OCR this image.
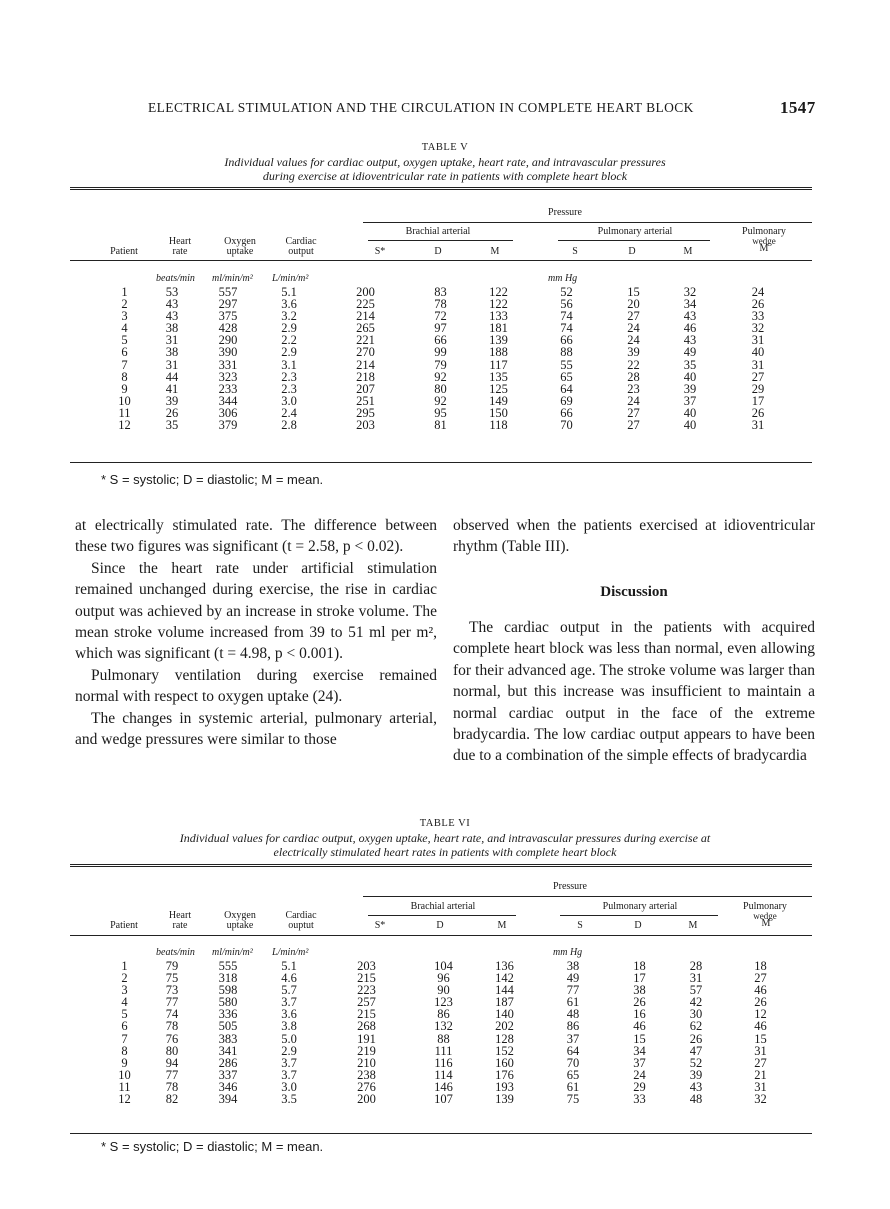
ELECTRICAL STIMULATION AND THE CIRCULATION IN COMPLETE HEART BLOCK	1547
TABLE V
Individual values for cardiac output, oxygen uptake, heart rate, and intravascular pressures
during exercise at idioventricular rate in patients with complete heart block
Pressure
Brachial arterial	Pulmonary arterial	Pulmonary
wedge
Heart
rate
Oxygen
uptake
Cardiac
output
Patient	S*	D	M	S	D	M	M
beats/min ml/min/m² L/min/m²	mm Hg
1	53	557	5.1	200	83	122	52	15	32	24
2	43	297	3.6	225	78	122	56	20	34	26
3	43	375	3.2	214	72	133	74	27	43	33
4	38	428	2.9	265	97	181	74	24	46	32
5	31	290	2.2	221	66	139	66	24	43	31
6	38	390	2.9	270	99	188	88	39	49	40
7	31	331	3.1	214	79	117	55	22	35	31
8	44	323	2.3	218	92	135	65	28	40	27
9	41	233	2.3	207	80	125	64	23	39	29
10	39	344	3.0	251	92	149	69	24	37	17
11	26	306	2.4	295	95	150	66	27	40	26
12	35	379	2.8	203	81	118	70	27	40	31
* S = systolic; D = diastolic; M = mean.

at electrically stimulated rate. The difference between these two figures was significant (t = 2.58, p < 0.02).

Since the heart rate under artificial stimulation remained unchanged during exercise, the rise in cardiac output was achieved by an increase in stroke volume. The mean stroke volume increased from 39 to 51 ml per m², which was significant (t = 4.98, p < 0.001).

Pulmonary ventilation during exercise remained normal with respect to oxygen uptake (24).

The changes in systemic arterial, pulmonary arterial, and wedge pressures were similar to those

observed when the patients exercised at idioventricular rhythm (Table III).

Discussion

The cardiac output in the patients with acquired complete heart block was less than normal, even allowing for their advanced age. The stroke volume was larger than normal, but this increase was insufficient to maintain a normal cardiac output in the face of the extreme bradycardia. The low cardiac output appears to have been due to a combination of the simple effects of bradycardia

TABLE VI
Individual values for cardiac output, oxygen uptake, heart rate, and intravascular pressures during exercise at
electrically stimulated heart rates in patients with complete heart block
Pressure
Brachial arterial	Pulmonary arterial	Pulmonary
wedge
Heart
rate
Oxygen
uptake
Cardiac
ouptut
Patient	S*	D	M	S	D	M	M
beats/min ml/min/m² L/min/m²	mm Hg
1	79	555	5.1	203	104	136	38	18	28	18
2	75	318	4.6	215	96	142	49	17	31	27
3	73	598	5.7	223	90	144	77	38	57	46
4	77	580	3.7	257	123	187	61	26	42	26
5	74	336	3.6	215	86	140	48	16	30	12
6	78	505	3.8	268	132	202	86	46	62	46
7	76	383	5.0	191	88	128	37	15	26	15
8	80	341	2.9	219	111	152	64	34	47	31
9	94	286	3.7	210	116	160	70	37	52	27
10	77	337	3.7	238	114	176	65	24	39	21
11	78	346	3.0	276	146	193	61	29	43	31
12	82	394	3.5	200	107	139	75	33	48	32
* S = systolic; D = diastolic; M = mean.
